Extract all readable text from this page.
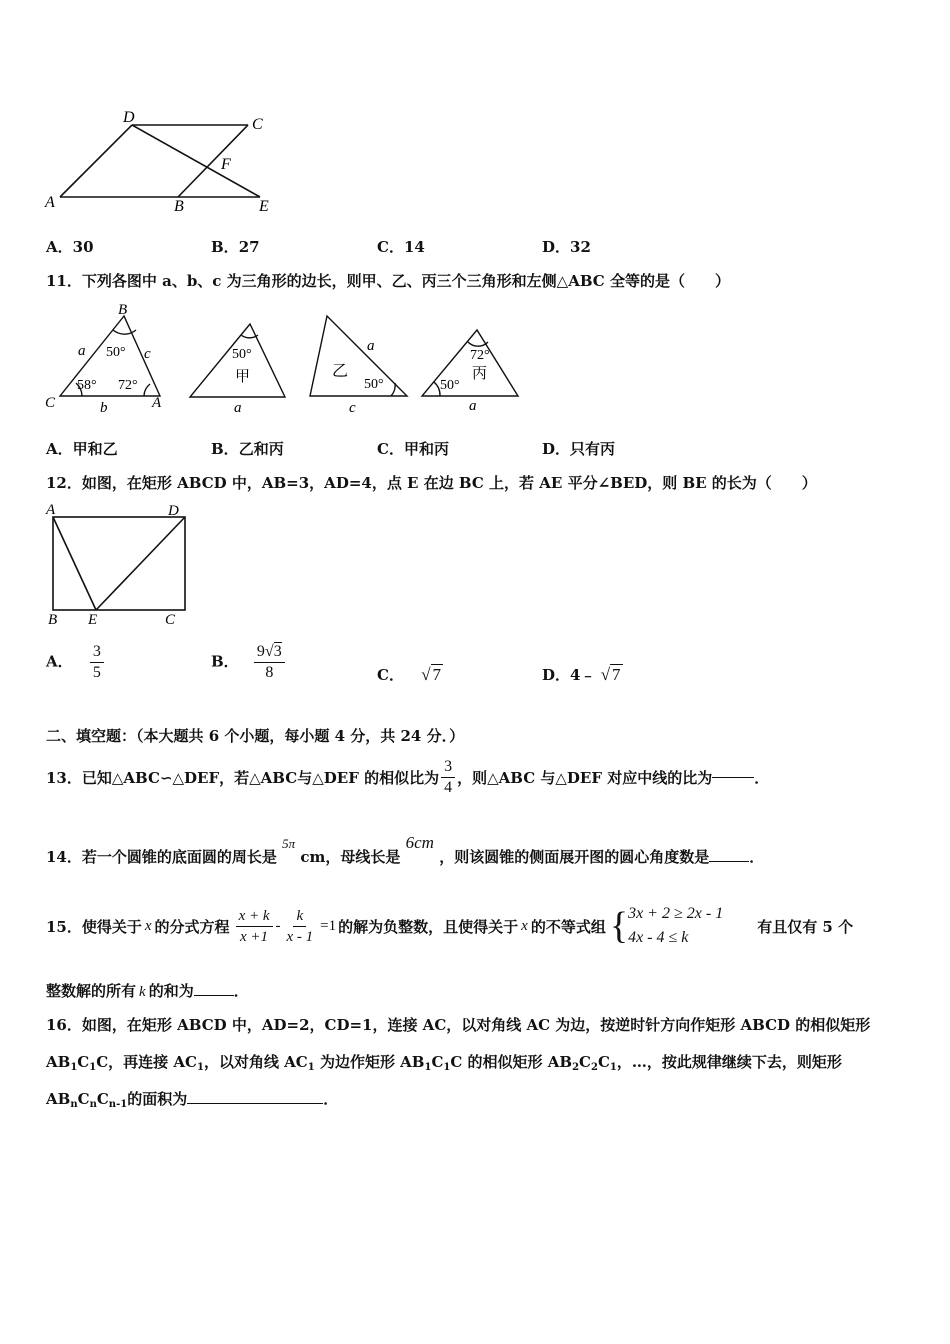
D	C
F
A	B	E
A．30	B．27	C．14	D．32
11．下列各图中 a、b、c 为三角形的边长，则甲、乙、丙三个三角形和左侧△ABC 全等的是（　　）
B
a	c
50°
58° 72°
C	b	A
50°
甲
a
a
乙
50°
c
72°
丙
50°
a
A．甲和乙	B．乙和丙	C．甲和丙	D．只有丙
12．如图，在矩形 ABCD 中，AB=3，AD=4，点 E 在边 BC 上，若 AE 平分∠BED，则 BE 的长为（　　）
A	D
B E	C
A． $\frac{3}{5}$	B． $\frac{9√3}{8}$	C． √ 7	D．4﹣ √ 7
二、填空题：（本大题共 6 个小题，每小题 4 分，共 24 分．）
13．已知△ABC∽△DEF，若△ABC 与△DEF 的相似比为 $\frac{3}{4}$ ，则△ABC 与△DEF 对应中线的比为	．
14．若一个圆锥的底面圆的周长是 5π cm，母线长是 6cm ，则该圆锥的侧面展开图的圆心角度数是	．
15．使得关于 x 的分式方程 $\frac{x + k}{x +1} - \frac{k}{x - 1} =1$ 的解为负整数，且使得关于 x 的不等式组 { 3x + 2 ≥ 2x - 1
4x - 4 ≤ k
有且仅有 5 个
整数解的所有 k 的和为	．
16．如图，在矩形 ABCD 中，AD=2，CD=1，连接 AC，以对角线 AC 为边，按逆时针方向作矩形 ABCD 的相似矩形
$AB_1C_1C$，再连接 $AC_1$，以对角线 $AC_1$ 为边作矩形 $AB_1C_1C$ 的相似矩形 $AB_2C_2C_1$，…，按此规律继续下去，则矩形
$AB_nC_nC_{n-1}$的面积为	．
